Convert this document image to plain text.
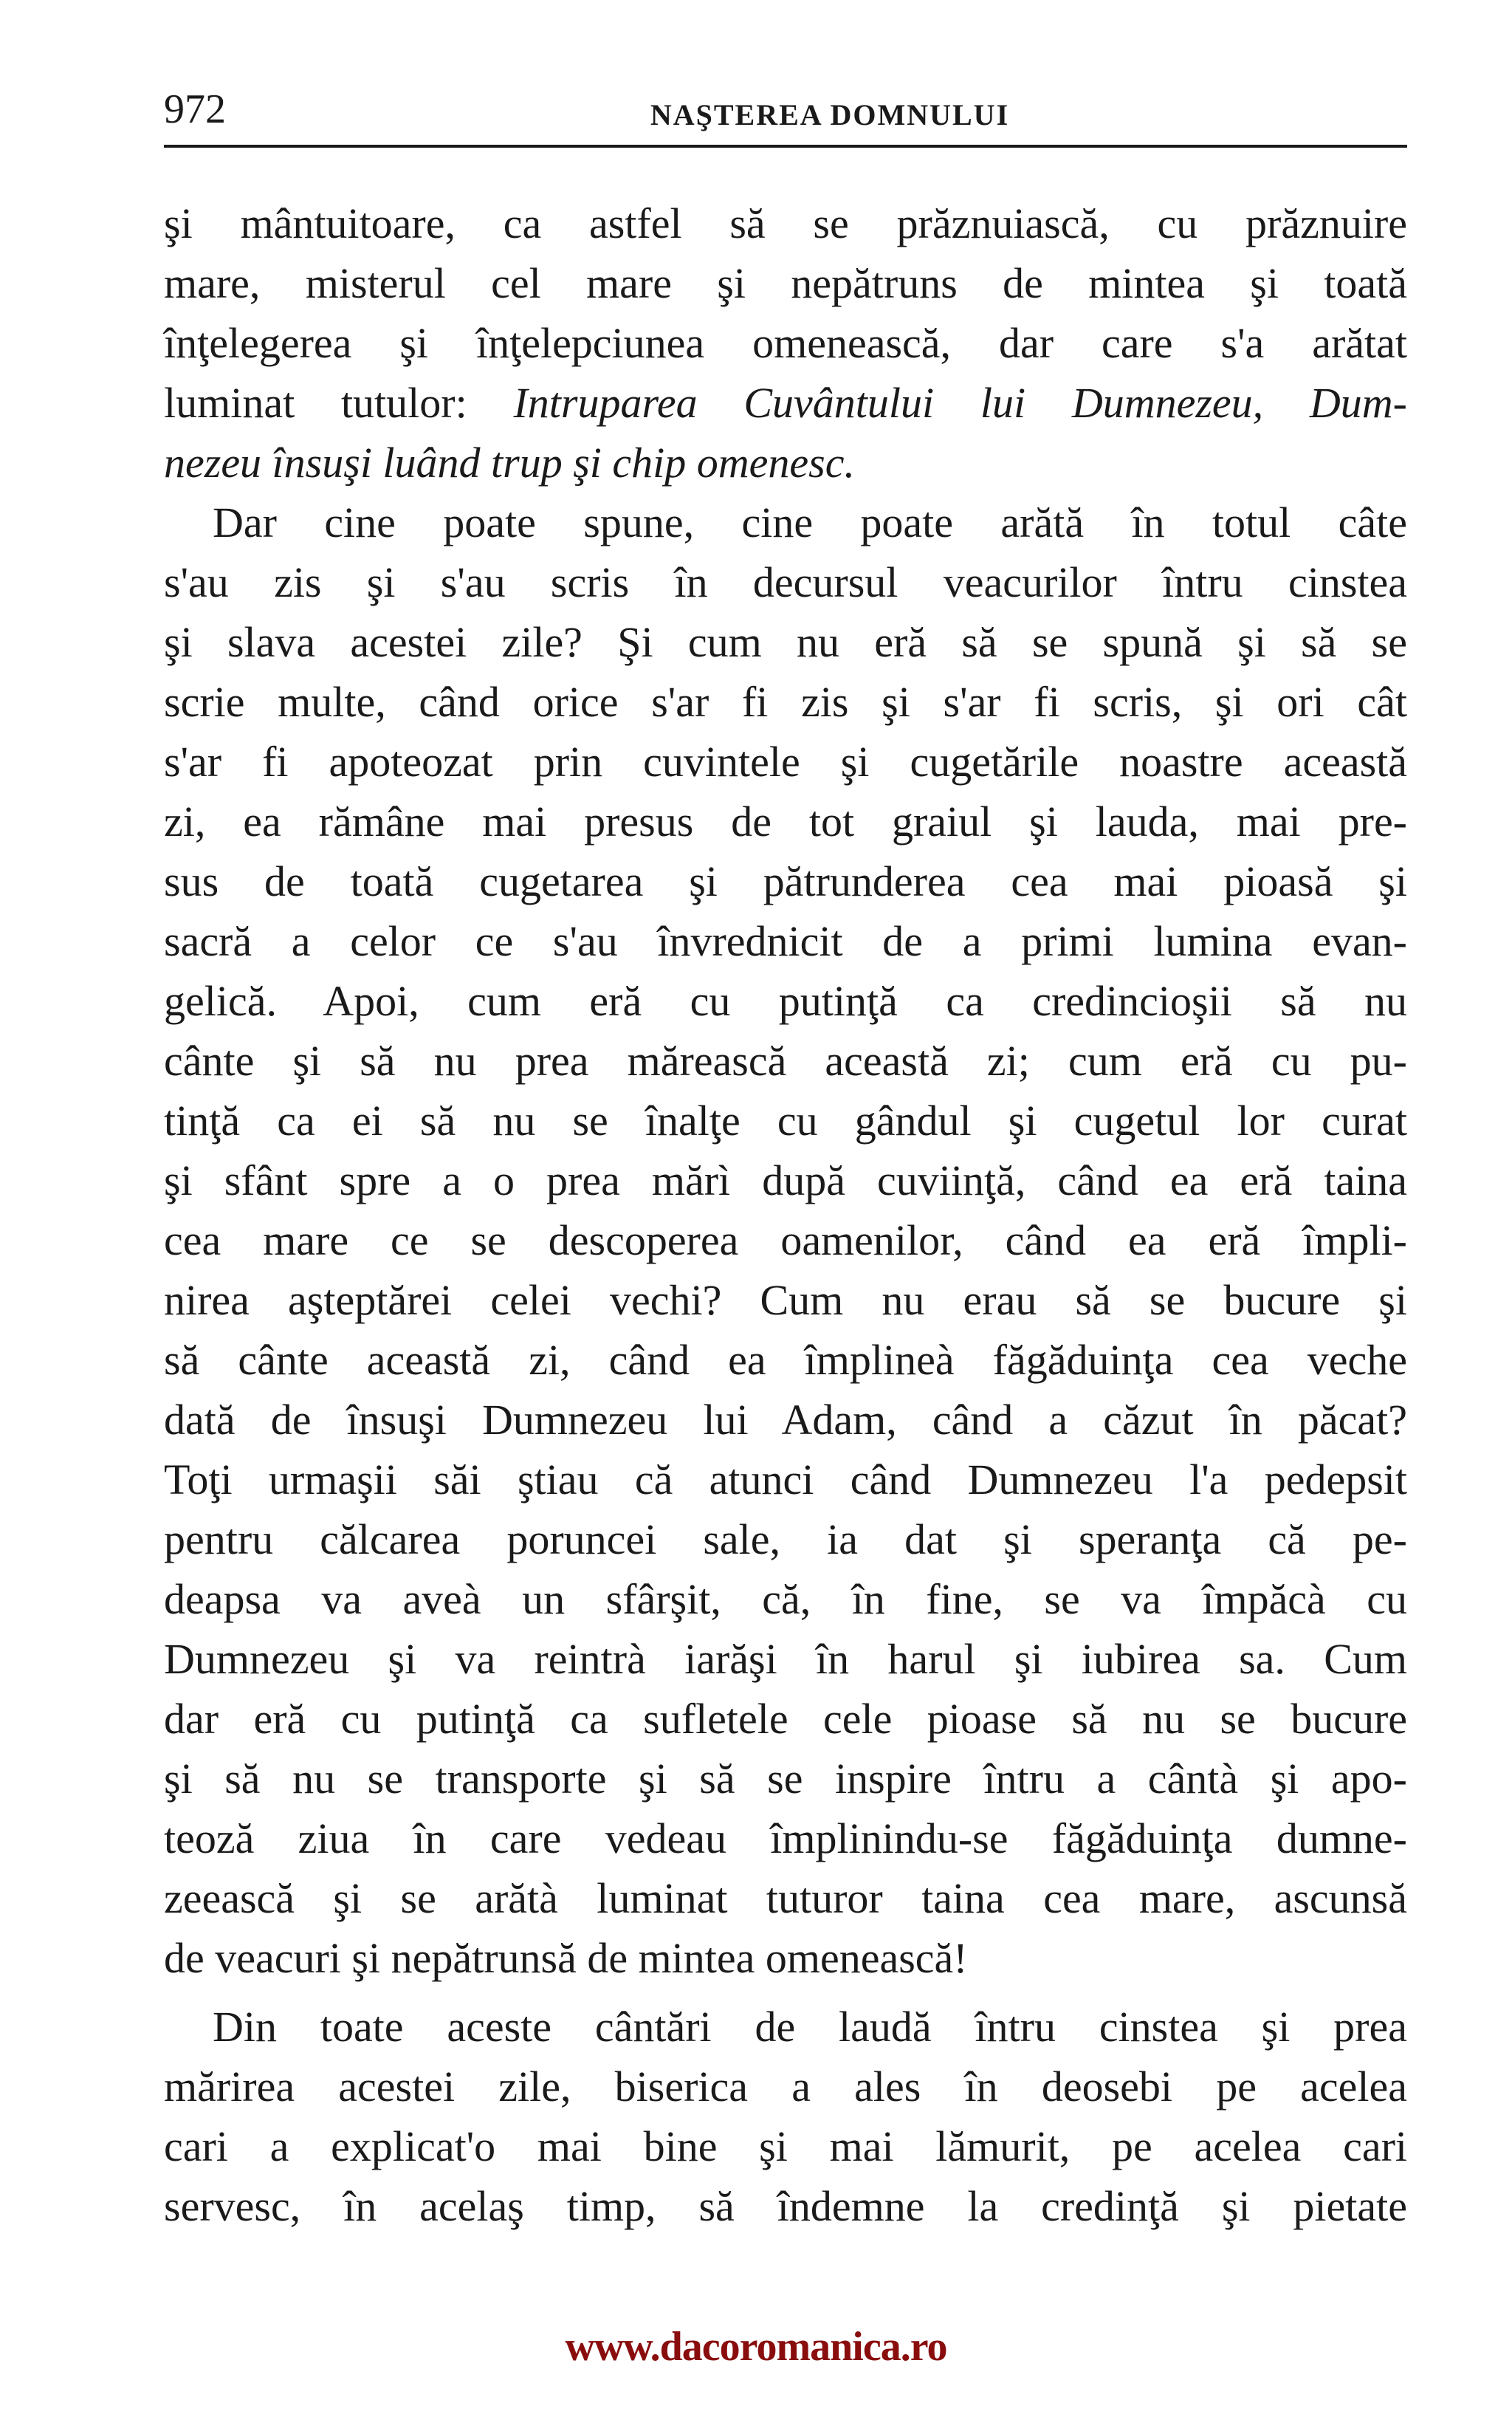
972	NAŞTEREA DOMNULUI
şi mântuitoare, ca astfel să se prăznuiască, cu prăznuire
mare, misterul cel mare şi nepătruns de mintea şi toată
înţelegerea şi înţelepciunea omenească, dar care s'a arătat
luminat tutulor: Intruparea Cuvântului lui Dumnezeu, Dum-
nezeu însuşi luând trup şi chip omenesc.
Dar cine poate spune, cine poate arătă în totul câte
s'au zis şi s'au scris în decursul veacurilor întru cinstea
şi slava acestei zile? Şi cum nu eră să se spună şi să se
scrie multe, când orice s'ar fi zis şi s'ar fi scris, şi ori cât
s'ar fi apoteozat prin cuvintele şi cugetările noastre această
zi, ea rămâne mai presus de tot graiul şi lauda, mai pre-
sus de toată cugetarea şi pătrunderea cea mai pioasă şi
sacră a celor ce s'au învrednicit de a primi lumina evan-
gelică. Apoi, cum eră cu putinţă ca credincioşii să nu
cânte şi să nu prea mărească această zi; cum eră cu pu-
tinţă ca ei să nu se înalţe cu gândul şi cugetul lor curat
şi sfânt spre a o prea mărì după cuviinţă, când ea eră taina
cea mare ce se descoperea oamenilor, când ea eră împli-
nirea aşteptărei celei vechi? Cum nu erau să se bucure şi
să cânte această zi, când ea împlineà făgăduinţa cea veche
dată de însuşi Dumnezeu lui Adam, când a căzut în păcat?
Toţi urmaşii săi ştiau că atunci când Dumnezeu l'a pedepsit
pentru călcarea poruncei sale, ia dat şi speranţa că pe-
deapsa va aveà un sfârşit, că, în fine, se va împăcà cu
Dumnezeu şi va reintrà iarăşi în harul şi iubirea sa. Cum
dar eră cu putinţă ca sufletele cele pioase să nu se bucure
şi să nu se transporte şi să se inspire întru a cântà şi apo-
teoză ziua în care vedeau împlinindu-se făgăduinţa dumne-
zeească şi se arătà luminat tuturor taina cea mare, ascunsă
de veacuri şi nepătrunsă de mintea omenească!
Din toate aceste cântări de laudă întru cinstea şi prea
mărirea acestei zile, biserica a ales în deosebi pe acelea
cari a explicat'o mai bine şi mai lămurit, pe acelea cari
servesc, în acelaş timp, să îndemne la credinţă şi pietate
www.dacoromanica.ro
